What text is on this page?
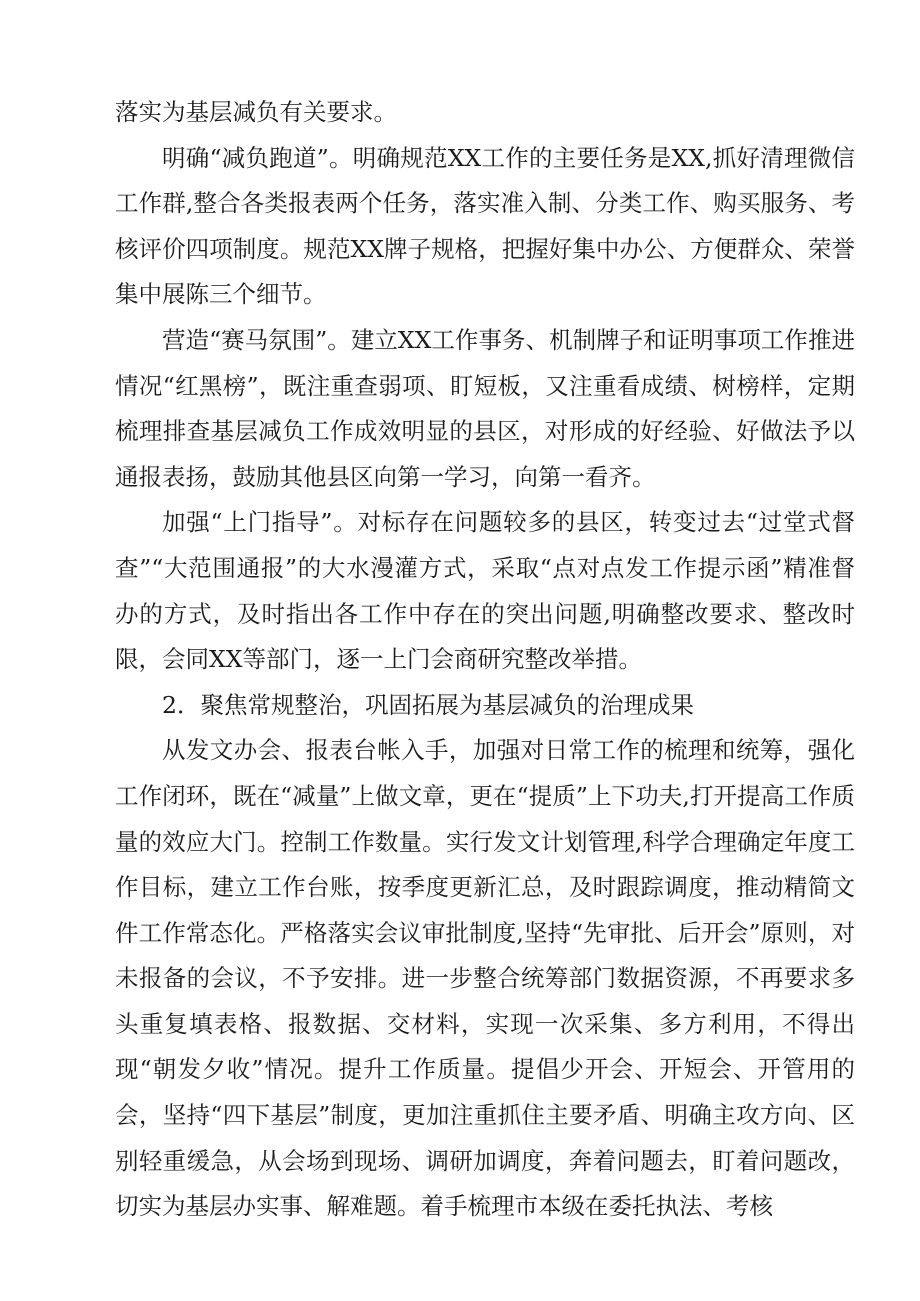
落实为基层减负有关要求。

明确“减负跑道”。明确规范XX工作的主要任务是XX,抓好清理微信工作群,整合各类报表两个任务，落实准入制、分类工作、购买服务、考核评价四项制度。规范XX牌子规格，把握好集中办公、方便群众、荣誉集中展陈三个细节。

营造“赛马氛围”。建立XX工作事务、机制牌子和证明事项工作推进情况“红黑榜”，既注重查弱项、盯短板，又注重看成绩、树榜样，定期梳理排查基层减负工作成效明显的县区，对形成的好经验、好做法予以通报表扬，鼓励其他县区向第一学习，向第一看齐。

加强“上门指导”。对标存在问题较多的县区，转变过去“过堂式督查”“大范围通报”的大水漫灌方式，采取“点对点发工作提示函”精准督办的方式，及时指出各工作中存在的突出问题,明确整改要求、整改时限，会同XX等部门，逐一上门会商研究整改举措。

2．聚焦常规整治，巩固拓展为基层减负的治理成果

从发文办会、报表台帐入手，加强对日常工作的梳理和统筹，强化工作闭环，既在“减量”上做文章，更在“提质”上下功夫,打开提高工作质量的效应大门。控制工作数量。实行发文计划管理,科学合理确定年度工作目标，建立工作台账，按季度更新汇总，及时跟踪调度，推动精简文件工作常态化。严格落实会议审批制度,坚持“先审批、后开会”原则，对未报备的会议，不予安排。进一步整合统筹部门数据资源，不再要求多头重复填表格、报数据、交材料，实现一次采集、多方利用，不得出现“朝发夕收”情况。提升工作质量。提倡少开会、开短会、开管用的会，坚持“四下基层”制度，更加注重抓住主要矛盾、明确主攻方向、区别轻重缓急，从会场到现场、调研加调度，奔着问题去，盯着问题改，切实为基层办实事、解难题。着手梳理市本级在委托执法、考核
